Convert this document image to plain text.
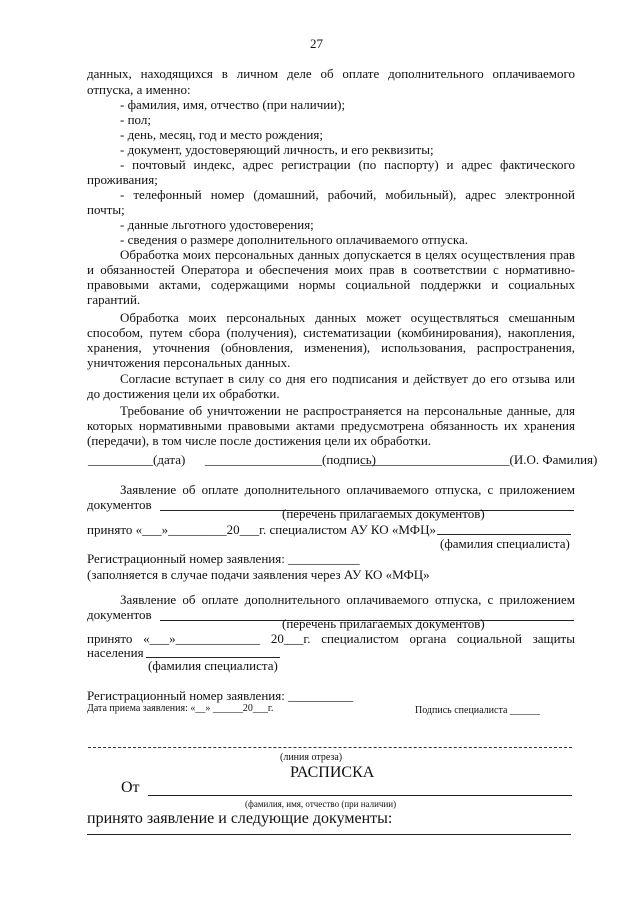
27
данных, находящихся в личном деле об оплате дополнительного оплачиваемого
отпуска, а именно:
- фамилия, имя, отчество (при наличии);
- пол;
- день, месяц, год и место рождения;
- документ, удостоверяющий личность, и его реквизиты;
- почтовый индекс, адрес регистрации (по паспорту) и адрес фактического
проживания;
- телефонный номер (домашний, рабочий, мобильный), адрес электронной
почты;
- данные льготного удостоверения;
- сведения о размере дополнительного оплачиваемого отпуска.
Обработка моих персональных данных допускается в целях осуществления прав
и обязанностей Оператора и обеспечения моих прав в соответствии с нормативно-
правовыми актами, содержащими нормы социальной поддержки и социальных
гарантий.
Обработка моих персональных данных может осуществляться смешанным
способом, путем сбора (получения), систематизации (комбинирования), накопления,
хранения, уточнения (обновления, изменения), использования, распространения,
уничтожения персональных данных.
Согласие вступает в силу со дня его подписания и действует до его отзыва или
до достижения цели их обработки.
Требование об уничтожении не распространяется на персональные данные, для
которых нормативными правовыми актами предусмотрена обязанность их хранения
(передачи), в том числе после достижения цели их обработки.
__________(дата) __________________(подпись)
_______________________(И.О. Фамилия)
Заявление об оплате дополнительного оплачиваемого отпуска, с приложением
документов
(перечень прилагаемых документов)
принято «___»_________20___г. специалистом АУ КО «МФЦ»
(фамилия специалиста)
Регистрационный номер заявления: ___________
(заполняется в случае подачи заявления через АУ КО «МФЦ»
Заявление об оплате дополнительного оплачиваемого отпуска, с приложением
документов
(перечень прилагаемых документов)
принято «___»_____________ 20___г. специалистом органа социальной защиты
населения
(фамилия специалиста)
Регистрационный номер заявления: __________
Дата приема заявления: «__» ______20___г.	Подпись специалиста ______
(линия отреза)
РАСПИСКА
От
(фамилия, имя, отчество (при наличии)
принято заявление и следующие документы:
